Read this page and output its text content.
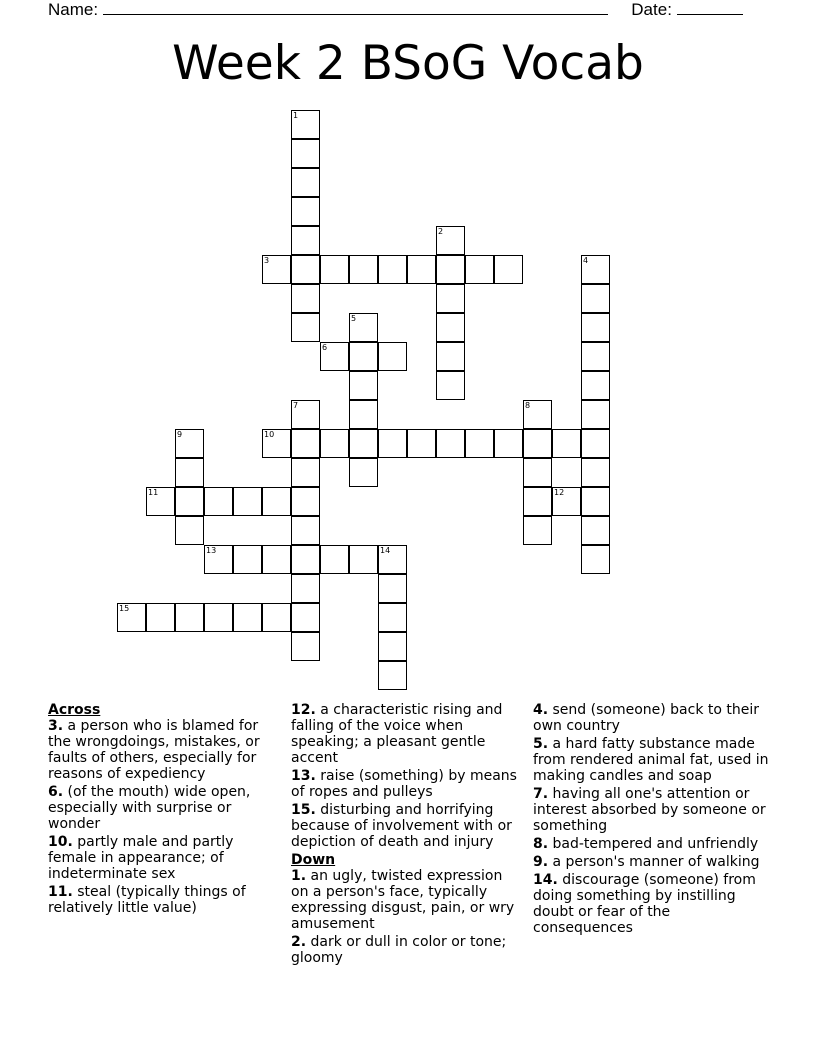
Name:	Date:
Week 2 BSoG Vocab
1
2
3	4
5
6
7	8
9	10
11	12
13	14
15

Across

3. a person who is blamed for the wrongdoings, mistakes, or faults of others, especially for reasons of expediency

6. (of the mouth) wide open, especially with surprise or wonder

10. partly male and partly female in appearance; of indeterminate sex

11. steal (typically things of relatively little value)

12. a characteristic rising and falling of the voice when speaking; a pleasant gentle accent

13. raise (something) by means of ropes and pulleys

15. disturbing and horrifying because of involvement with or depiction of death and injury

Down

1. an ugly, twisted expression on a person's face, typically expressing disgust, pain, or wry amusement

2. dark or dull in color or tone; gloomy

4. send (someone) back to their own country

5. a hard fatty substance made from rendered animal fat, used in making candles and soap

7. having all one's attention or interest absorbed by someone or something

8. bad-tempered and unfriendly

9. a person's manner of walking

14. discourage (someone) from doing something by instilling doubt or fear of the consequences
